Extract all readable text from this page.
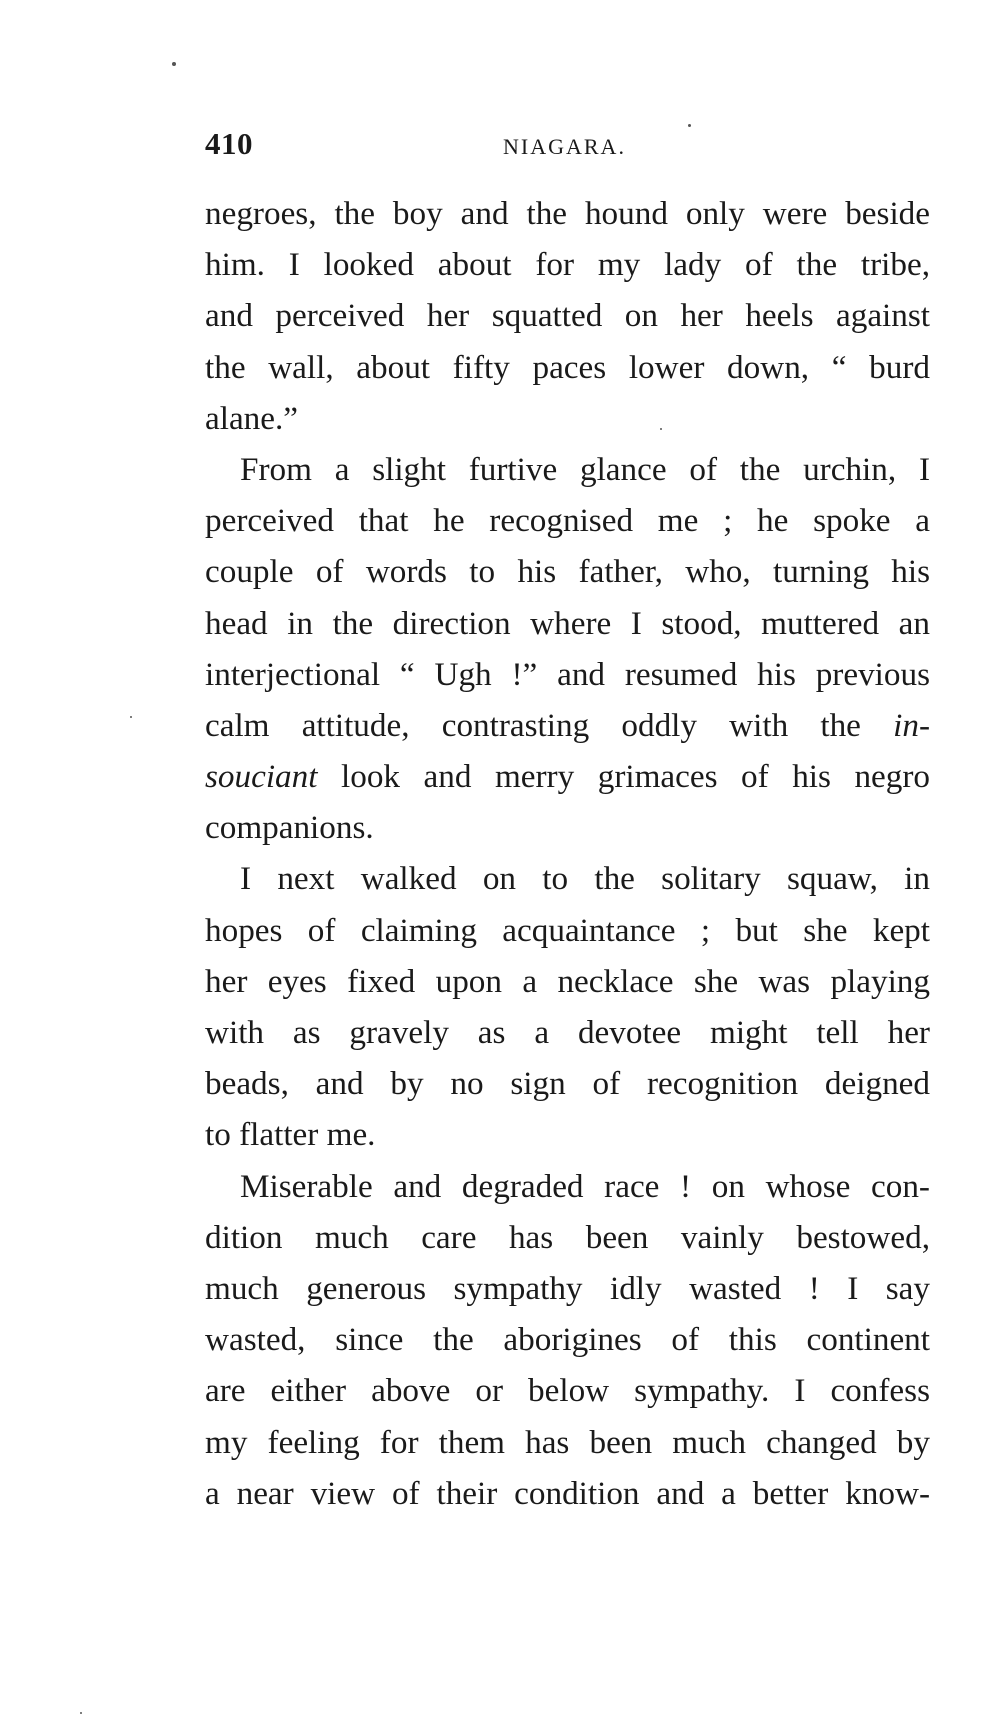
410	NIAGARA.
negroes, the boy and the hound only were beside
him. I looked about for my lady of the tribe,
and perceived her squatted on her heels against
the wall, about fifty paces lower down, “ burd
alane.”
From a slight furtive glance of the urchin, I
perceived that he recognised me ; he spoke a
couple of words to his father, who, turning his
head in the direction where I stood, muttered an
interjectional “ Ugh !” and resumed his previous
calm attitude, contrasting oddly with the in-
souciant look and merry grimaces of his negro
companions.
I next walked on to the solitary squaw, in
hopes of claiming acquaintance ; but she kept
her eyes fixed upon a necklace she was playing
with as gravely as a devotee might tell her
beads, and by no sign of recognition deigned
to flatter me.
Miserable and degraded race ! on whose con-
dition much care has been vainly bestowed,
much generous sympathy idly wasted ! I say
wasted, since the aborigines of this continent
are either above or below sympathy. I confess
my feeling for them has been much changed by
a near view of their condition and a better know-
